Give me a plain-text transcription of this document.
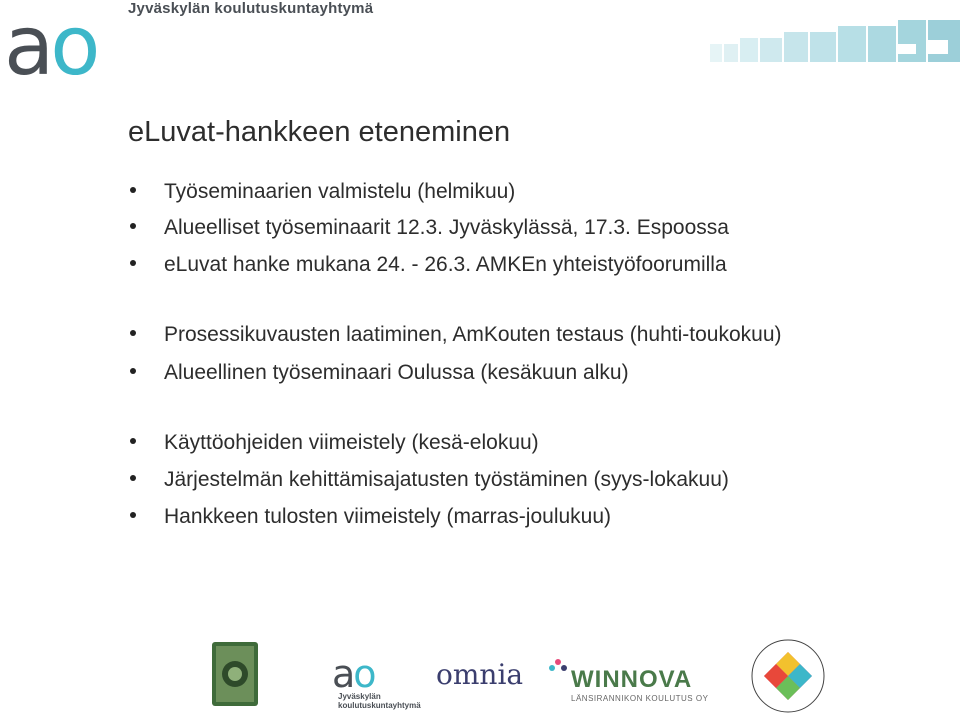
ao Jyväskylän koulutuskuntayhtymä
eLuvat-hankkeen eteneminen
Työseminaarien valmistelu (helmikuu)
Alueelliset työseminaarit 12.3. Jyväskylässä, 17.3. Espoossa
eLuvat hanke mukana 24. - 26.3. AMKEn yhteistyöfoorumilla
Prosessikuvausten laatiminen, AmKouten testaus (huhti-toukokuu)
Alueellinen työseminaari Oulussa (kesäkuun alku)
Käyttöohjeiden viimeistely (kesä-elokuu)
Järjestelmän kehittämisajatusten työstäminen (syys-lokakuu)
Hankkeen tulosten viimeistely (marras-joulukuu)
ao
Jyväskylän
koulutuskuntayhtymä
omnia WINNOVA
LÄNSIRANNIKON KOULUTUS OY
